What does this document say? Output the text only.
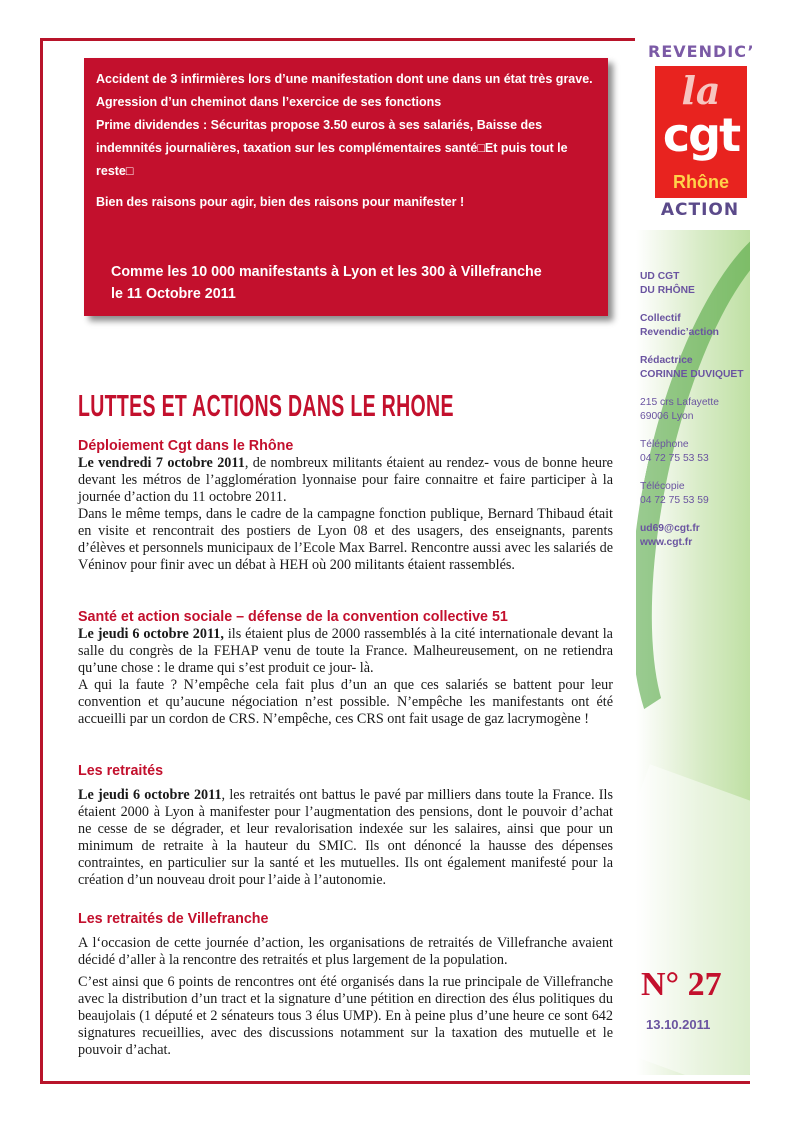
Accident de 3 infirmières lors d’une manifestation dont une dans un état très grave.

Agression d’un cheminot dans l’exercice de ses fonctions

Prime dividendes : Sécuritas propose 3.50 euros à ses salariés, Baisse des indemnités journalières, taxation sur les complémentaires santé□Et puis tout le reste□

Bien des raisons pour agir, bien des raisons pour manifester !

Comme les 10 000 manifestants à Lyon et les 300 à Villefranche

le 11 Octobre 2011

REVENDIC’
la
cgt
Rhône
ACTION

UD CGT

DU RHÔNE

Collectif

Revendic’action

Rédactrice

CORINNE DUVIQUET

215 crs Lafayette

69006 Lyon

Téléphone

04 72 75 53 53

Télécopie

04 72 75 53 59

ud69@cgt.fr

www.cgt.fr

N° 27
13.10.2011
LUTTES ET ACTIONS DANS LE RHONE
Déploiement Cgt dans le Rhône

Le vendredi 7 octobre 2011, de nombreux militants étaient au rendez- vous de bonne heure devant les métros de l’agglomération lyonnaise pour faire connaitre et faire participer à la journée d’action du 11 octobre 2011.

Dans le même temps, dans le cadre de la campagne fonction publique, Bernard Thibaud était en visite et rencontrait des postiers de Lyon 08 et des usagers, des enseignants, parents d’élèves et personnels municipaux de l’Ecole Max Barrel. Rencontre aussi avec les salariés de Véninov pour finir avec un débat à HEH où 200 militants étaient rassemblés.

Santé et action sociale – défense de la convention collective 51

Le jeudi 6 octobre 2011, ils étaient plus de 2000 rassemblés à la cité internationale devant la salle du congrès de la FEHAP venu de toute la France. Malheureusement, on ne retiendra qu’une chose : le drame qui s’est produit ce jour- là.

A qui la faute ? N’empêche cela fait plus d’un an que ces salariés se battent pour leur convention et qu’aucune négociation n’est possible. N’empêche les manifestants ont été accueilli par un cordon de CRS. N’empêche, ces CRS ont fait usage de gaz lacrymogène !

Les retraités

Le jeudi 6 octobre 2011, les retraités ont battus le pavé par milliers dans toute la France. Ils étaient 2000 à Lyon à manifester pour l’augmentation des pensions, dont le pouvoir d’achat ne cesse de se dégrader, et leur revalorisation indexée sur les salaires, ainsi que pour un minimum de retraite à la hauteur du SMIC. Ils ont dénoncé la hausse des dépenses contraintes, en particulier sur la santé et les mutuelles. Ils ont également manifesté pour la création d’un nouveau droit pour l’aide à l’autonomie.

Les retraités de Villefranche

A l‘occasion de cette journée d’action, les organisations de retraités de Villefranche avaient décidé d’aller à la rencontre des retraités et plus largement de la population.

C’est ainsi que 6 points de rencontres ont été organisés dans la rue principale de Villefranche avec la distribution d’un tract et la signature d’une pétition en direction des élus politiques du beaujolais (1 député et 2 sénateurs tous 3 élus UMP). En à peine plus d’une heure ce sont 642 signatures recueillies, avec des discussions notamment sur la taxation des mutuelle et le pouvoir d’achat.
